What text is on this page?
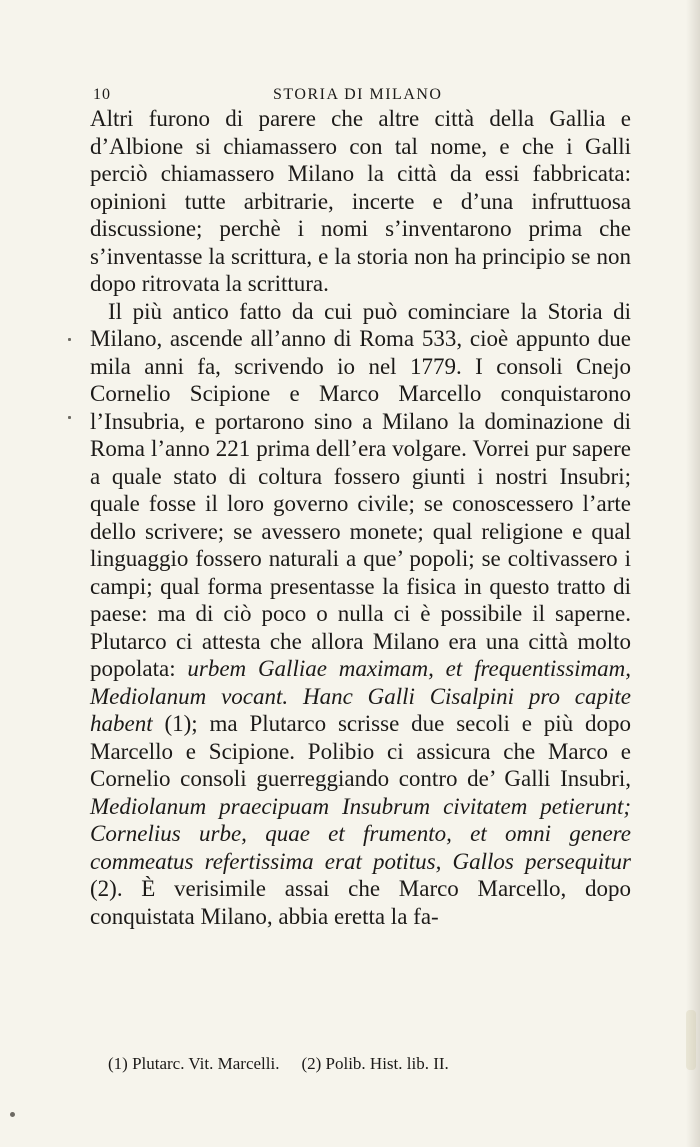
10	STORIA DI MILANO

Altri furono di parere che altre città della Gallia e d’Albione si chiamassero con tal nome, e che i Galli perciò chiamassero Milano la città da essi fabbricata: opinioni tutte arbitrarie, incerte e d’una infruttuosa discussione; perchè i nomi s’inventarono prima che s’inventasse la scrittura, e la storia non ha principio se non dopo ritrovata la scrittura.

Il più antico fatto da cui può cominciare la Storia di Milano, ascende all’anno di Roma 533, cioè appunto due mila anni fa, scrivendo io nel 1779. I consoli Cnejo Cornelio Scipione e Marco Marcello conquistarono l’Insubria, e portarono sino a Milano la dominazione di Roma l’anno 221 prima dell’era volgare. Vorrei pur sapere a quale stato di coltura fossero giunti i nostri Insubri; quale fosse il loro governo civile; se conoscessero l’arte dello scrivere; se avessero monete; qual religione e qual linguaggio fossero naturali a que’ popoli; se coltivassero i campi; qual forma presentasse la fisica in questo tratto di paese: ma di ciò poco o nulla ci è possibile il saperne. Plutarco ci attesta che allora Milano era una città molto popolata: urbem Galliae maximam, et frequentissimam, Mediolanum vocant. Hanc Galli Cisalpini pro capite habent (1); ma Plutarco scrisse due secoli e più dopo Marcello e Scipione. Polibio ci assicura che Marco e Cornelio consoli guerreggiando contro de’ Galli Insubri, Mediolanum praecipuam Insubrum civitatem petierunt; Cornelius urbe, quae et frumento, et omni genere commeatus refertissima erat potitus, Gallos persequitur (2). È verisimile assai che Marco Marcello, dopo conquistata Milano, abbia eretta la fa-

(1) Plutarc. Vit. Marcelli. (2) Polib. Hist. lib. II.
